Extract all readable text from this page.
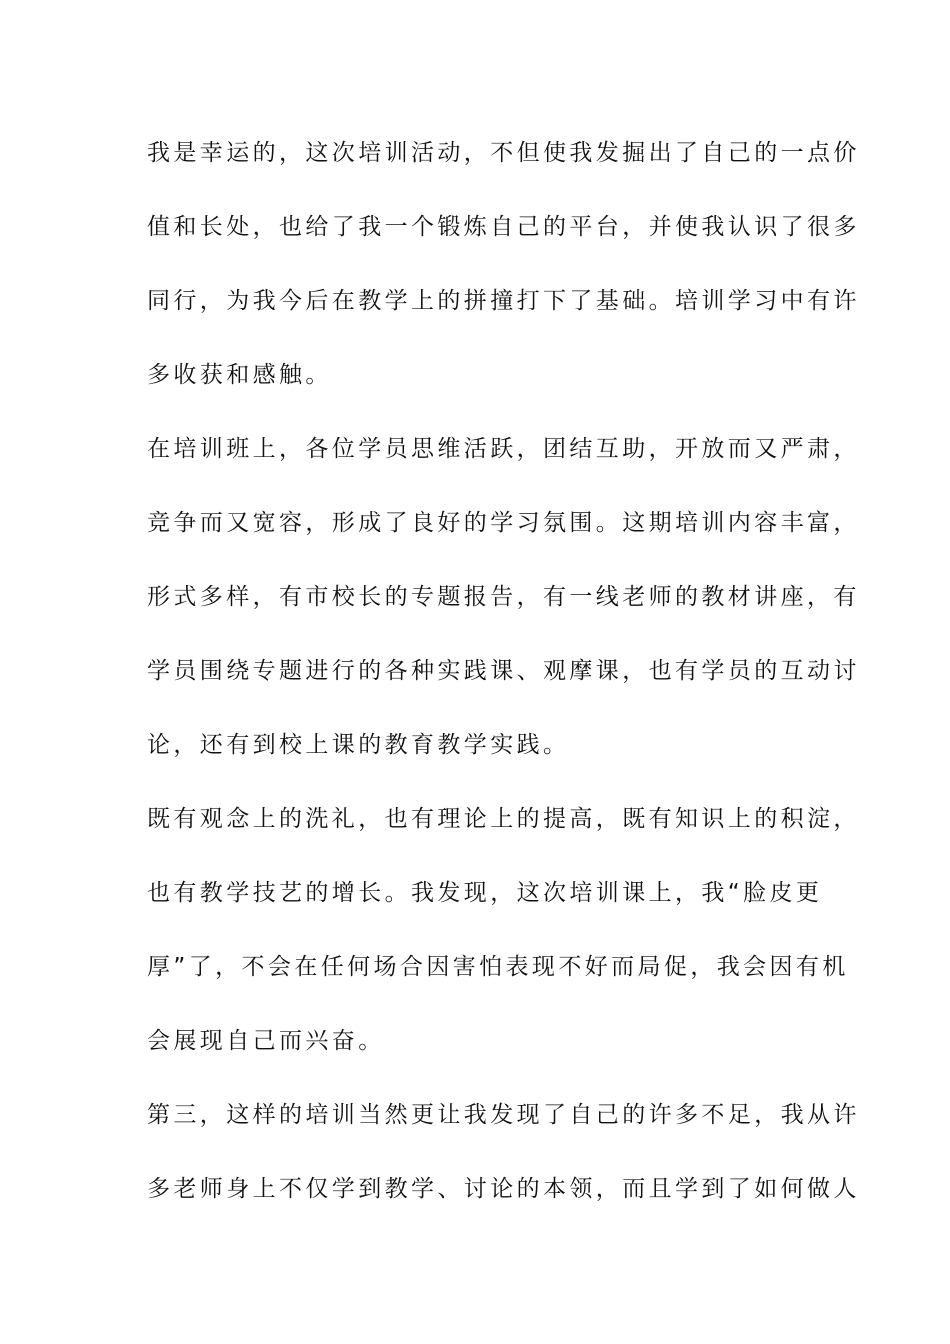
我是幸运的，这次培训活动，不但使我发掘出了自己的一点价
值和长处，也给了我一个锻炼自己的平台，并使我认识了很多
同行，为我今后在教学上的拼撞打下了基础。培训学习中有许
多收获和感触。
在培训班上，各位学员思维活跃，团结互助，开放而又严肃，
竞争而又宽容，形成了良好的学习氛围。这期培训内容丰富，
形式多样，有市校长的专题报告，有一线老师的教材讲座，有
学员围绕专题进行的各种实践课、观摩课，也有学员的互动讨
论，还有到校上课的教育教学实践。
既有观念上的洗礼，也有理论上的提高，既有知识上的积淀，
也有教学技艺的增长。我发现，这次培训课上，我“脸皮更
厚”了，不会在任何场合因害怕表现不好而局促，我会因有机
会展现自己而兴奋。
第三，这样的培训当然更让我发现了自己的许多不足，我从许
多老师身上不仅学到教学、讨论的本领，而且学到了如何做人
